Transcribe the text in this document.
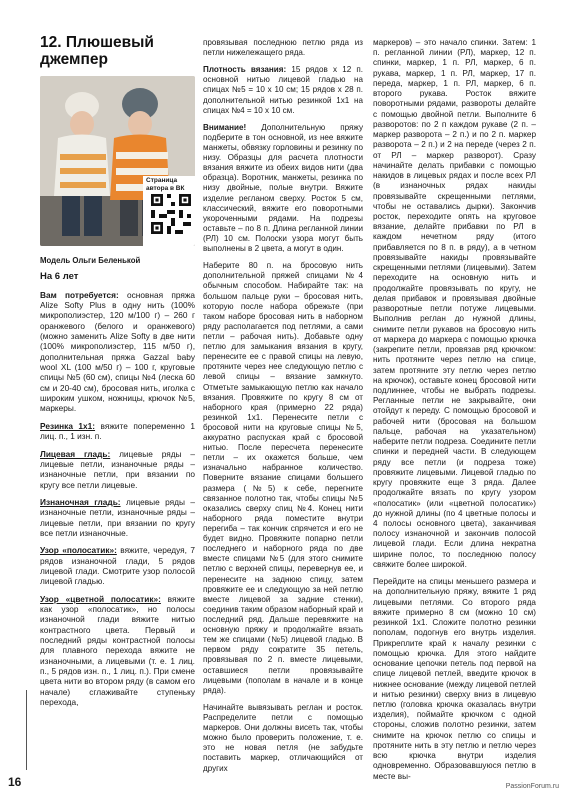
12. Плюшевый джемпер
Страница автора в ВК
Модель Ольги Беленькой
На 6 лет

Вам потребуется: основная пряжа Alize Softy Plus в одну нить (100% микрополиэстер, 120 м/100 г) – 260 г оранжевого (белого и оранжевого) (можно заменить Alize Softy в две нити (100% микрополиэстер, 115 м/50 г), дополнительная пряжа Gazzal baby wool XL (100 м/50 г) – 100 г, круговые спицы №5 (60 см), спицы №4 (леска 60 см и 20-40 см), бросовая нить, иголка с широким ушком, ножницы, крючок №5, маркеры.

Резинка 1х1: вяжите попеременно 1 лиц. п., 1 изн. п.

Лицевая гладь: лицевые ряды – лицевые петли, изнаночные ряды – изнаночные петли, при вязании по кругу все петли лицевые.

Изнаночная гладь: лицевые ряды – изнаночные петли, изнаночные ряды – лицевые петли, при вязании по кругу все петли изнаночные.

Узор «полосатик»: вяжите, чередуя, 7 рядов изнаночной глади, 5 рядов лицевой глади. Смотрите узор полосой лицевой гладью.

Узор «цветной полосатик»: вяжите как узор «полосатик», но полосы изнаночной глади вяжите нитью контрастного цвета. Первый и последний ряды контрастной полосы для плавного перехода вяжите не изнаночными, а лицевыми (т. е. 1 лиц. п., 5 рядов изн. п., 1 лиц. п.). При смене цвета нити во втором ряду (в самом его начале) сглаживайте ступеньку перехода,

провязывая последнюю петлю ряда из петли нижележащего ряда.

Плотность вязания: 15 рядов х 12 п. основной нитью лицевой гладью на спицах №5 = 10 х 10 см; 15 рядов х 28 п. дополнительной нитью резинкой 1х1 на спицах №4 = 10 х 10 см.

Внимание! Дополнительную пряжу подберите в тон основной, из нее вяжите манжеты, обвязку горловины и резинку по низу. Образцы для расчета плотности вязания вяжите из обеих видов нити (два образца). Воротник, манжеты, резинка по низу двойные, полые внутри. Вяжите изделие регланом сверху. Росток 5 см, классический, вяжите его поворотными укороченными рядами. На подрезы оставьте – по 8 п. Длина регланной линии (РЛ) 10 см. Полоски узора могут быть выполнены в 2 цвета, а могут в один.

Наберите 80 п. на бросовую нить дополнительной пряжей спицами №4 обычным способом. Набирайте так: на большом пальце руки – бросовая нить, которую после набора обрежьте (при таком наборе бросовая нить в наборном ряду располагается под петлями, а сами петли – рабочая нить). Добавьте одну петлю для замыкания вязания в кругу, перенесите ее с правой спицы на левую, протяните через нее следующую петлю с левой спицы – вязание замкнуто. Отметьте замыкающую петлю как начало вязания. Провяжите по кругу 8 см от наборного края (примерно 22 ряда) резинкой 1х1. Перенесите петли с бросовой нити на круговые спицы №5, аккуратно распуская край с бросовой нитью. После пересчета перенесите петли – их окажется больше, чем изначально набранное количество. Поверните вязание спицами большего размера (№5) к себе, перегните связанное полотно так, чтобы спицы №5 оказались сверху спиц №4. Конец нити наборного ряда поместите внутри перегиба – так кончик спрячется и его не будет видно. Провяжите попарно петли последнего и наборного ряда по две вместе спицами №5 (для этого снимите петлю с верхней спицы, перевернув ее, и перенесите на заднюю спицу, затем провяжите ее и следующую за ней петлю вместе лицевой за задние стенки), соединив таким образом наборный край и последний ряд. Дальше перевяжите на основную пряжу и продолжайте вязать тем же спицами (№5) лицевой гладью. В первом ряду сократите 35 петель, провязывая по 2 п. вместе лицевыми, оставшиеся петли провязывайте лицевыми (пополам в начале и в конце ряда).

Начинайте вывязывать реглан и росток. Распределите петли с помощью маркеров. Они должны висеть так, чтобы можно было проверить положение, т. е. это не новая петля (не забудьте поставить маркер, отличающийся от других

маркеров) – это начало спинки. Затем: 1 п. регланной линии (РЛ), маркер, 12 п. спинки, маркер, 1 п. РЛ, маркер, 6 п. рукава, маркер, 1 п. РЛ, маркер, 17 п. переда, маркер, 1 п. РЛ, маркер, 6 п. второго рукава. Росток вяжите поворотными рядами, развороты делайте с помощью двойной петли. Выполните 6 разворотов: по 2 п каждом рукаве (2 п. – маркер разворота – 2 п.) и по 2 п. маркер разворота – 2 п.) и 2 на переде (через 2 п. от РЛ – маркер разворот). Сразу начинайте делать прибавки с помощью накидов в лицевых рядах и после всех РЛ (в изнаночных рядах накиды провязывайте скрещенными петлями, чтобы не оставались дырки). Закончив росток, переходите опять на круговое вязание, делайте прибавки по РЛ в каждом нечетном ряду (итого прибавляется по 8 п. в ряду), а в четном провязывайте накиды провязывайте скрещенными петлями (лицевыми). Затем переходите на основную нить и продолжайте провязывать по кругу, не делая прибавок и провязывая двойные разворотные петли потуже лицевыми. Выполнив реглан до нужной длины, снимите петли рукавов на бросовую нить от маркера до маркера с помощью крючка (закрепите петли, провязав ряд крючком: нить протяните через петлю на спице, затем протяните эту петлю через петлю на крючок), оставьте конец бросовой нити подлиннее, чтобы не выбрать подрезы. Регланные петли не закрывайте, они отойдут к переду. С помощью бросовой и рабочей нити (бросовая на большом пальце, рабочая на указательном) наберите петли подреза. Соедините петли спинки и передней части. В следующем ряду все петли (и подреза тоже) провяжите лицевыми. Лицевой гладью по кругу провяжите еще 3 ряда. Далее продолжайте вязать по кругу узором «полосатик» (или «цветной полосатик») до нужной длины (по 4 цветные полосы и 4 полосы основного цвета), заканчивая полосу изнаночной и закончив полосой лицевой глади. Если длина некратна ширине полос, то последнюю полосу свяжите более широкой.

Перейдите на спицы меньшего размера и на дополнительную пряжу, вяжите 1 ряд лицевыми петлями. Со второго ряда вяжите примерно 8 см (можно 10 см) резинкой 1х1. Сложите полотно резинки пополам, подогнув его внутрь изделия. Прикреплите край к началу резинки с помощью крючка. Для этого найдите основание цепочки петель под первой на спице лицевой петлей, введите крючок в нижнее основание (между лицевой петлей и нитью резинки) сверху вниз в лицевую петлю (головка крючка оказалась внутри изделия), поймайте крючком с одной стороны, сложив полотно резинки, затем снимите на крючок петлю со спицы и протяните нить в эту петлю и петлю через всю крючка внутри изделия одновременно. Образовавшуюся петлю в месте вы-

16	PassionForum.ru
